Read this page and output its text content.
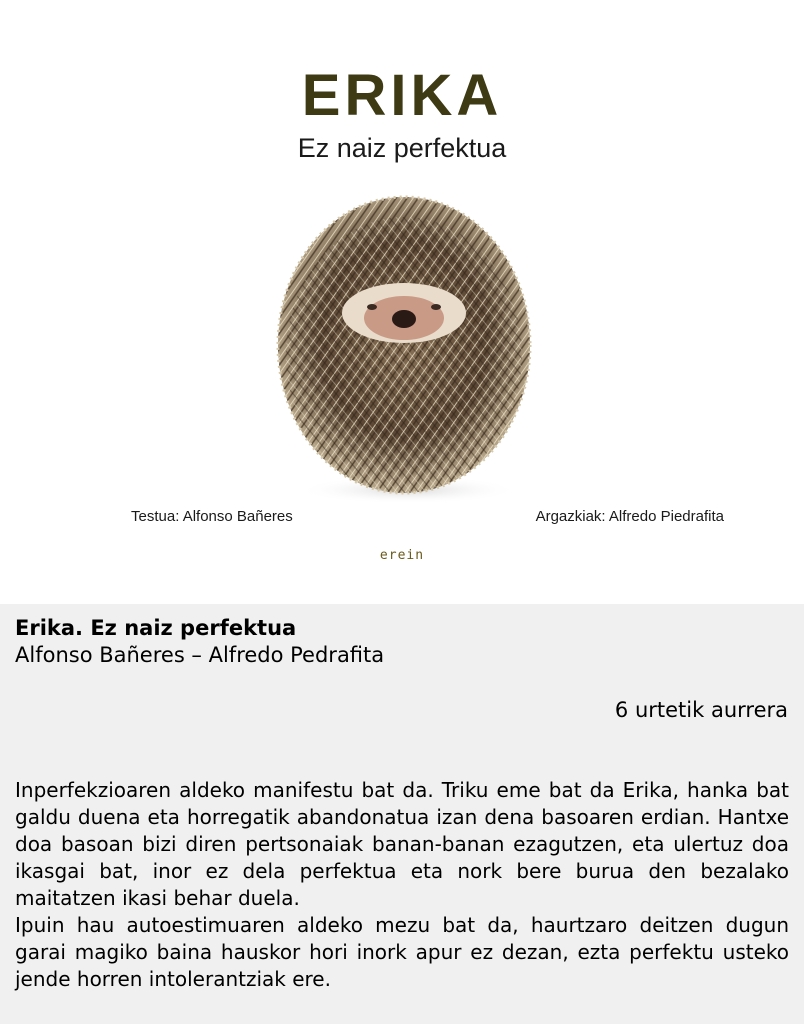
ERIKA
Ez naiz perfektua
Testua: Alfonso Bañeres	Argazkiak: Alfredo Piedrafita
erein
Erika. Ez naiz perfektua
Alfonso Bañeres – Alfredo Pedrafita
6 urtetik aurrera
Inperfekzioaren aldeko manifestu bat da. Triku eme bat da Erika, hanka bat galdu duena eta horregatik abandonatua izan dena basoaren erdian. Hantxe doa basoan bizi diren pertsonaiak banan-banan ezagutzen, eta ulertuz doa ikasgai bat, inor ez dela perfektua eta nork bere burua den bezalako maitatzen ikasi behar duela.
Ipuin hau autoestimuaren aldeko mezu bat da, haurtzaro deitzen dugun garai magiko baina hauskor hori inork apur ez dezan, ezta perfektu usteko jende horren intolerantziak ere.
